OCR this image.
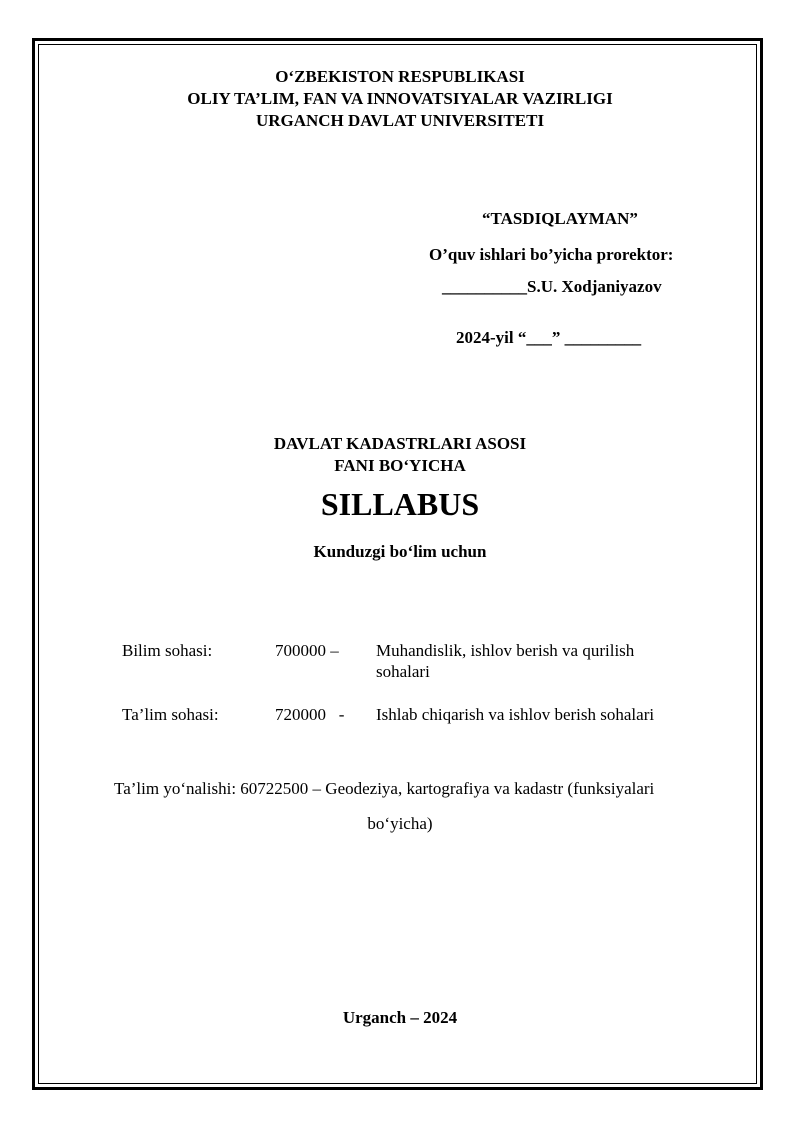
O‘ZBEKISTON RESPUBLIKASI
OLIY TA’LIM, FAN VA INNOVATSIYALAR VAZIRLIGI
URGANCH DAVLAT UNIVERSITETI
“TASDIQLAYMAN”
O’quv ishlari bo’yicha prorektor:
__________S.U. Xodjaniyazov
2024-yil “___” _________
DAVLAT KADASTRLARI ASOSI
FANI BO‘YICHA
SILLABUS
Kunduzgi bo‘lim uchun
Bilim sohasi:	700000 – Muhandislik, ishlov berish va qurilish
sohalari
Ta’lim sohasi:	720000   - Ishlab chiqarish va ishlov berish sohalari
Ta’lim yo‘nalishi: 60722500 – Geodeziya, kartografiya va kadastr (funksiyalari
bo‘yicha)
Urganch – 2024
